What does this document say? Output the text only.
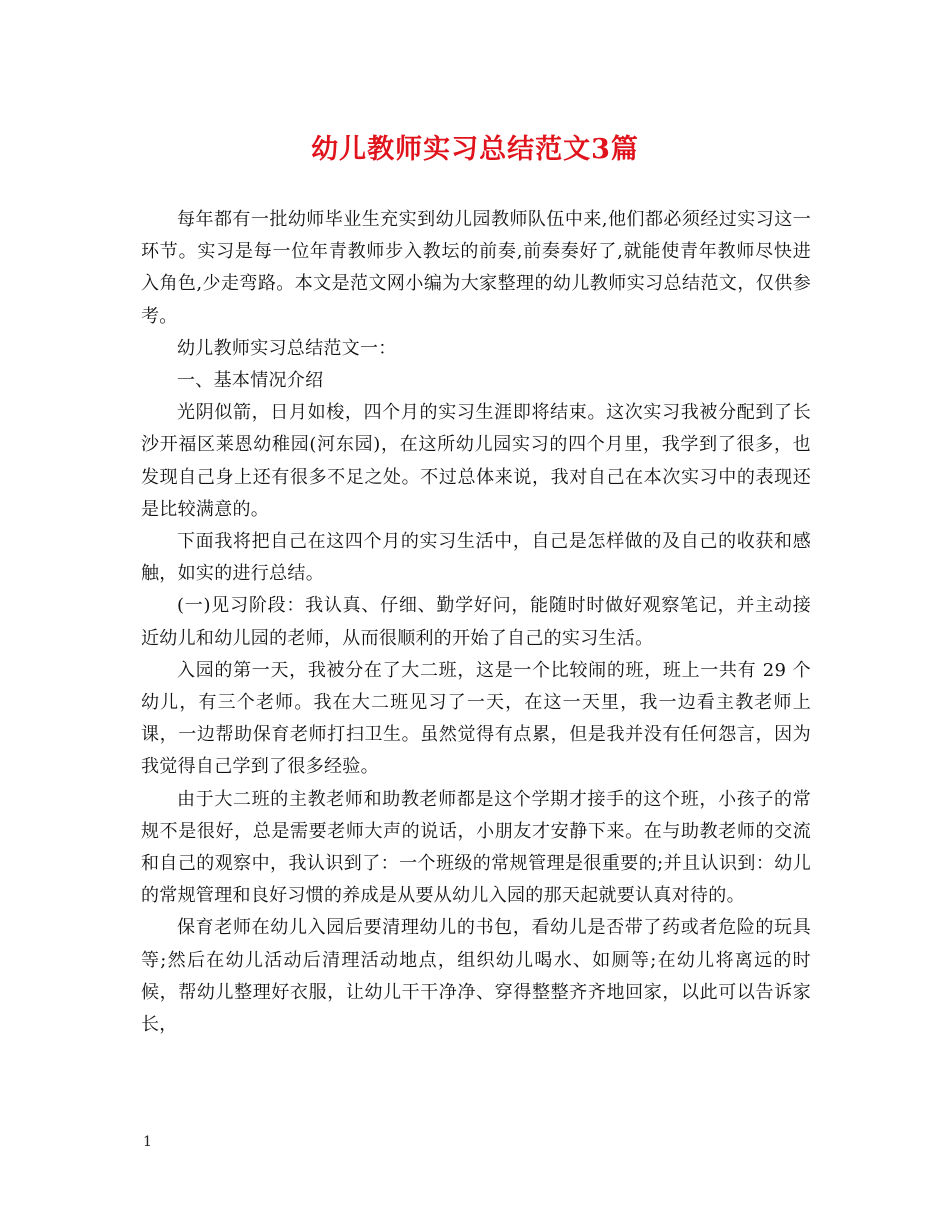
幼儿教师实习总结范文3篇

每年都有一批幼师毕业生充实到幼儿园教师队伍中来,他们都必须经过实习这一环节。实习是每一位年青教师步入教坛的前奏,前奏奏好了,就能使青年教师尽快进入角色,少走弯路。本文是范文网小编为大家整理的幼儿教师实习总结范文，仅供参考。

幼儿教师实习总结范文一：

一、基本情况介绍

光阴似箭，日月如梭，四个月的实习生涯即将结束。这次实习我被分配到了长沙开福区莱恩幼稚园(河东园)，在这所幼儿园实习的四个月里，我学到了很多，也发现自己身上还有很多不足之处。不过总体来说，我对自己在本次实习中的表现还是比较满意的。

下面我将把自己在这四个月的实习生活中，自己是怎样做的及自己的收获和感触，如实的进行总结。

(一)见习阶段：我认真、仔细、勤学好问，能随时时做好观察笔记，并主动接近幼儿和幼儿园的老师，从而很顺利的开始了自己的实习生活。

入园的第一天，我被分在了大二班，这是一个比较闹的班，班上一共有 29 个幼儿，有三个老师。我在大二班见习了一天，在这一天里，我一边看主教老师上课，一边帮助保育老师打扫卫生。虽然觉得有点累，但是我并没有任何怨言，因为我觉得自己学到了很多经验。

由于大二班的主教老师和助教老师都是这个学期才接手的这个班，小孩子的常规不是很好，总是需要老师大声的说话，小朋友才安静下来。在与助教老师的交流和自己的观察中，我认识到了：一个班级的常规管理是很重要的;并且认识到：幼儿的常规管理和良好习惯的养成是从要从幼儿入园的那天起就要认真对待的。

保育老师在幼儿入园后要清理幼儿的书包，看幼儿是否带了药或者危险的玩具等;然后在幼儿活动后清理活动地点，组织幼儿喝水、如厕等;在幼儿将离远的时候，帮幼儿整理好衣服，让幼儿干干净净、穿得整整齐齐地回家，以此可以告诉家长，

1
